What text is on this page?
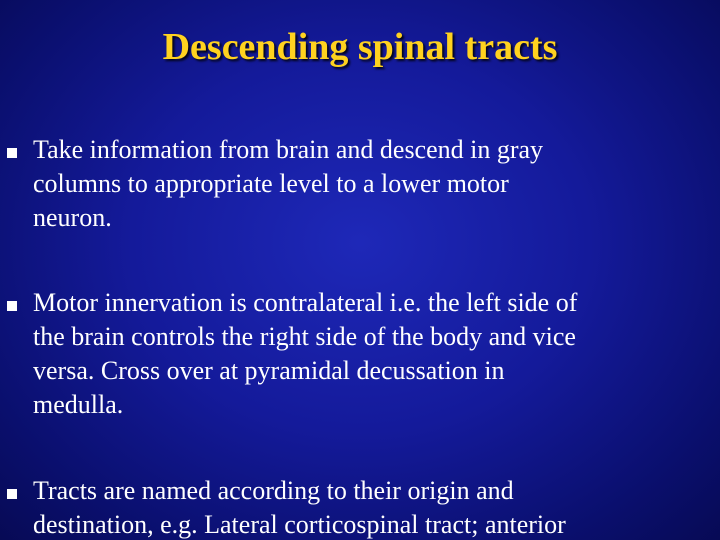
Descending spinal tracts
Take information from brain and descend in gray
columns to appropriate level to a lower motor
neuron.
Motor innervation is contralateral i.e. the left side of
the brain controls the right side of the body and vice
versa. Cross over at pyramidal decussation in
medulla.
Tracts are named according to their origin and
destination, e.g. Lateral corticospinal tract; anterior
